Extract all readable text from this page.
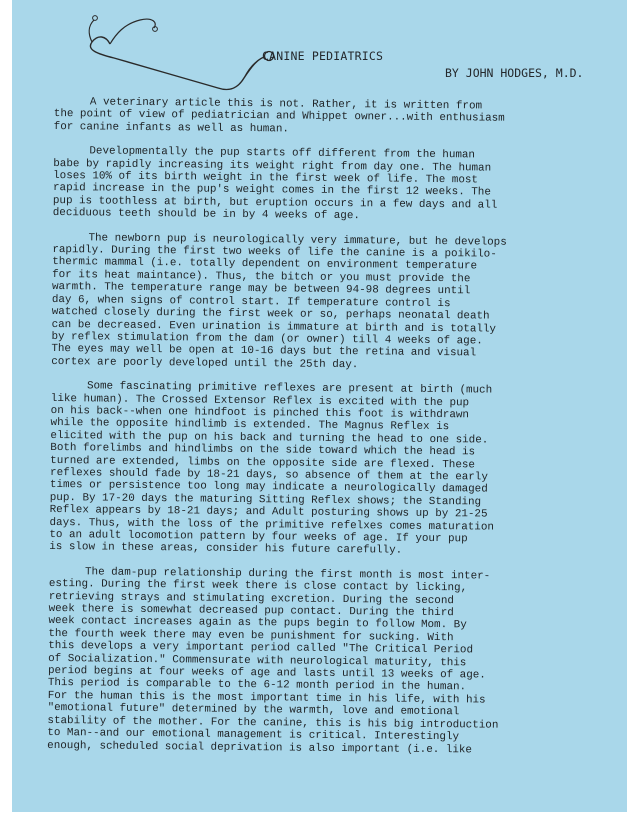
CANINE PEDIATRICS
BY JOHN HODGES, M.D.
A veterinary article this is not. Rather, it is written from
the point of view of pediatrician and Whippet owner...with enthusiasm
for canine infants as well as human.
Developmentally the pup starts off different from the human
babe by rapidly increasing its weight right from day one. The human
loses 10% of its birth weight in the first week of life. The most
rapid increase in the pup's weight comes in the first 12 weeks. The
pup is toothless at birth, but eruption occurs in a few days and all
deciduous teeth should be in by 4 weeks of age.
The newborn pup is neurologically very immature, but he develops
rapidly. During the first two weeks of life the canine is a poikilo-
thermic mammal (i.e. totally dependent on environment temperature
for its heat maintance). Thus, the bitch or you must provide the
warmth. The temperature range may be between 94-98 degrees until
day 6, when signs of control start. If temperature control is
watched closely during the first week or so, perhaps neonatal death
can be decreased. Even urination is immature at birth and is totally
by reflex stimulation from the dam (or owner) till 4 weeks of age.
The eyes may well be open at 10-16 days but the retina and visual
cortex are poorly developed until the 25th day.
Some fascinating primitive reflexes are present at birth (much
like human). The Crossed Extensor Reflex is excited with the pup
on his back--when one hindfoot is pinched this foot is withdrawn
while the opposite hindlimb is extended. The Magnus Reflex is
elicited with the pup on his back and turning the head to one side.
Both forelimbs and hindlimbs on the side toward which the head is
turned are extended, limbs on the opposite side are flexed. These
reflexes should fade by 18-21 days, so absence of them at the early
times or persistence too long may indicate a neurologically damaged
pup. By 17-20 days the maturing Sitting Reflex shows; the Standing
Reflex appears by 18-21 days; and Adult posturing shows up by 21-25
days. Thus, with the loss of the primitive refelxes comes maturation
to an adult locomotion pattern by four weeks of age. If your pup
is slow in these areas, consider his future carefully.
The dam-pup relationship during the first month is most inter-
esting. During the first week there is close contact by licking,
retrieving strays and stimulating excretion. During the second
week there is somewhat decreased pup contact. During the third
week contact increases again as the pups begin to follow Mom. By
the fourth week there may even be punishment for sucking. With
this develops a very important period called "The Critical Period
of Socialization." Commensurate with neurological maturity, this
period begins at four weeks of age and lasts until 13 weeks of age.
This period is comparable to the 6-12 month period in the human.
For the human this is the most important time in his life, with his
"emotional future" determined by the warmth, love and emotional
stability of the mother. For the canine, this is his big introduction
to Man--and our emotional management is critical. Interestingly
enough, scheduled social deprivation is also important (i.e. like
